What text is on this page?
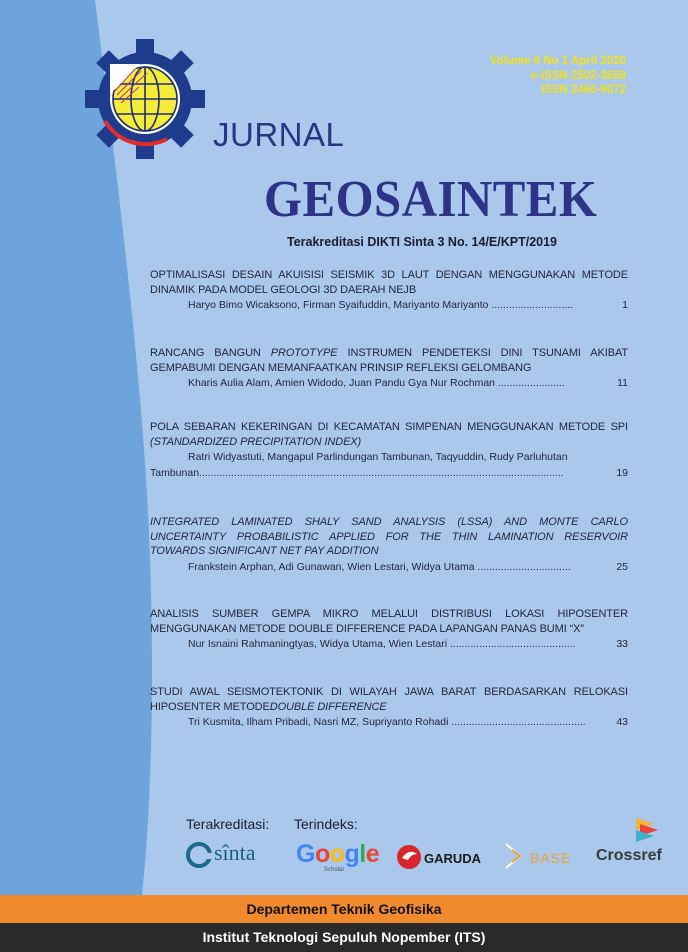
Volume 6 No 1 April 2020
e-ISSN 2502-3659
ISSN 2460-9072
JURNAL
GEOSAINTEK
Terakreditasi DIKTI Sinta 3 No. 14/E/KPT/2019
OPTIMALISASI DESAIN AKUISISI SEISMIK 3D LAUT DENGAN MENGGUNAKAN METODE DINAMIK PADA MODEL GEOLOGI 3D DAERAH NEJB
1
Haryo Bimo Wicaksono, Firman Syaifuddin, Mariyanto Mariyanto ............................
RANCANG BANGUN PROTOTYPE INSTRUMEN PENDETEKSI DINI TSUNAMI AKIBAT GEMPABUMI DENGAN MEMANFAATKAN PRINSIP REFLEKSI GELOMBANG
11
Kharis Aulia Alam, Amien Widodo, Juan Pandu Gya Nur Rochman .......................
POLA SEBARAN KEKERINGAN DI KECAMATAN SIMPENAN MENGGUNAKAN METODE SPI (STANDARDIZED PRECIPITATION INDEX)
Ratri Widyastuti, Mangapul Parlindungan Tambunan, Taqyuddin, Rudy Parluhutan
19
Tambunan.............................................................................................................................
INTEGRATED LAMINATED SHALY SAND ANALYSIS (LSSA) AND MONTE CARLO UNCERTAINTY PROBABILISTIC APPLIED FOR THE THIN LAMINATION RESERVOIR TOWARDS SIGNIFICANT NET PAY ADDITION
25
Frankstein Arphan, Adi Gunawan, Wien Lestari, Widya Utama ................................
ANALISIS SUMBER GEMPA MIKRO MELALUI DISTRIBUSI LOKASI HIPOSENTER MENGGUNAKAN METODE DOUBLE DIFFERENCE PADA LAPANGAN PANAS BUMI “X”
33
Nur Isnaini Rahmaningtyas, Widya Utama, Wien Lestari ...........................................
STUDI AWAL SEISMOTEKTONIK DI WILAYAH JAWA BARAT BERDASARKAN RELOKASI HIPOSENTER METODEDOUBLE DIFFERENCE
43
Tri Kusmita, Ilham Pribadi, Nasri MZ, Supriyanto Rohadi ..............................................
Terakreditasi: Terindeks:
sînta Google
Scholar
GARUDA	BASE Crossref
Departemen Teknik Geofisika
Institut Teknologi Sepuluh Nopember (ITS)
